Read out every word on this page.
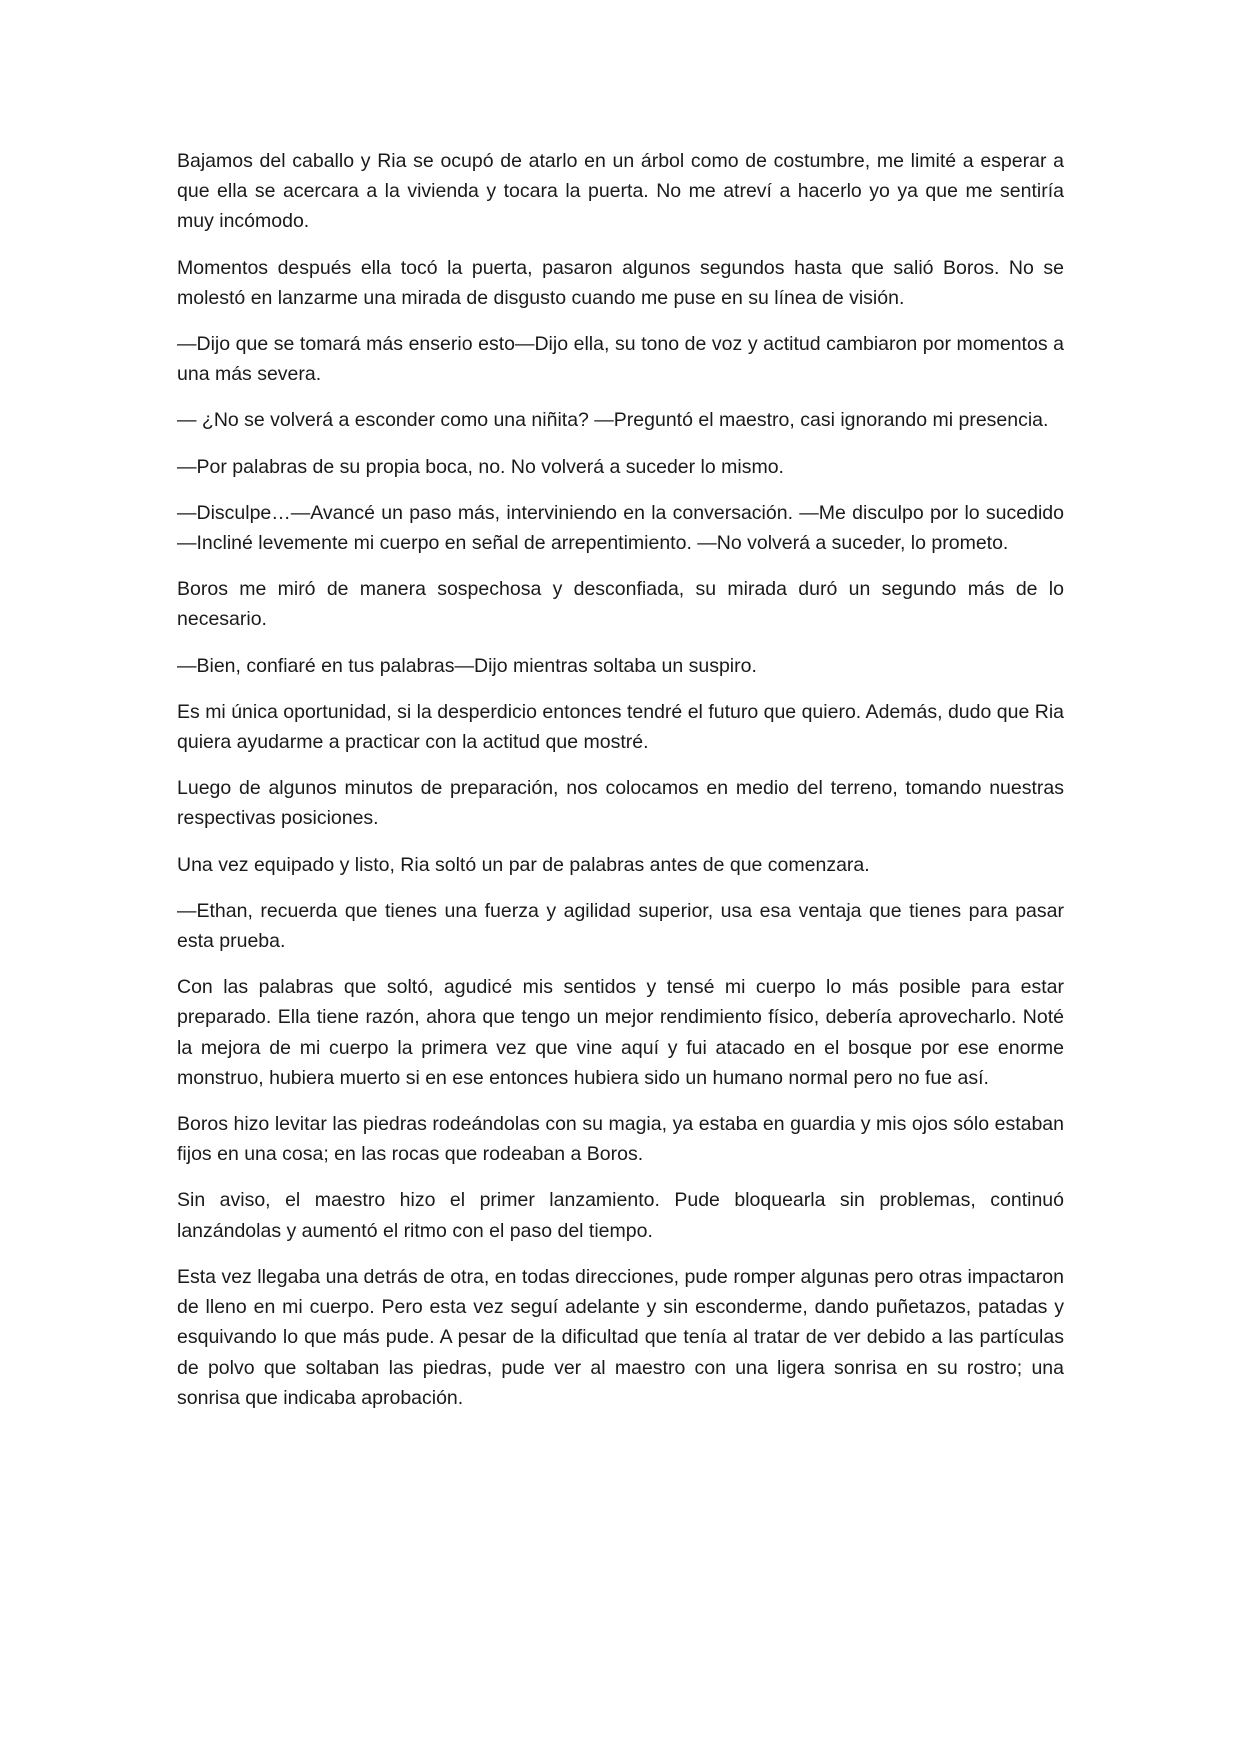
Bajamos del caballo y Ria se ocupó de atarlo en un árbol como de costumbre, me limité a esperar a que ella se acercara a la vivienda y tocara la puerta. No me atreví a hacerlo yo ya que me sentiría muy incómodo.

Momentos después ella tocó la puerta, pasaron algunos segundos hasta que salió Boros. No se molestó en lanzarme una mirada de disgusto cuando me puse en su línea de visión.

—Dijo que se tomará más enserio esto—Dijo ella, su tono de voz y actitud cambiaron por momentos a una más severa.

— ¿No se volverá a esconder como una niñita? —Preguntó el maestro, casi ignorando mi presencia.

—Por palabras de su propia boca, no. No volverá a suceder lo mismo.

—Disculpe…—Avancé un paso más, interviniendo en la conversación. —Me disculpo por lo sucedido—Incliné levemente mi cuerpo en señal de arrepentimiento. —No volverá a suceder, lo prometo.

Boros me miró de manera sospechosa y desconfiada, su mirada duró un segundo más de lo necesario.

—Bien, confiaré en tus palabras—Dijo mientras soltaba un suspiro.

Es mi única oportunidad, si la desperdicio entonces tendré el futuro que quiero. Además, dudo que Ria quiera ayudarme a practicar con la actitud que mostré.

Luego de algunos minutos de preparación, nos colocamos en medio del terreno, tomando nuestras respectivas posiciones.

Una vez equipado y listo, Ria soltó un par de palabras antes de que comenzara.

—Ethan, recuerda que tienes una fuerza y agilidad superior, usa esa ventaja que tienes para pasar esta prueba.

Con las palabras que soltó, agudicé mis sentidos y tensé mi cuerpo lo más posible para estar preparado. Ella tiene razón, ahora que tengo un mejor rendimiento físico, debería aprovecharlo. Noté la mejora de mi cuerpo la primera vez que vine aquí y fui atacado en el bosque por ese enorme monstruo, hubiera muerto si en ese entonces hubiera sido un humano normal pero no fue así.

Boros hizo levitar las piedras rodeándolas con su magia, ya estaba en guardia y mis ojos sólo estaban fijos en una cosa; en las rocas que rodeaban a Boros.

Sin aviso, el maestro hizo el primer lanzamiento. Pude bloquearla sin problemas, continuó lanzándolas y aumentó el ritmo con el paso del tiempo.

Esta vez llegaba una detrás de otra, en todas direcciones, pude romper algunas pero otras impactaron de lleno en mi cuerpo. Pero esta vez seguí adelante y sin esconderme, dando puñetazos, patadas y esquivando lo que más pude. A pesar de la dificultad que tenía al tratar de ver debido a las partículas de polvo que soltaban las piedras, pude ver al maestro con una ligera sonrisa en su rostro; una sonrisa que indicaba aprobación.
